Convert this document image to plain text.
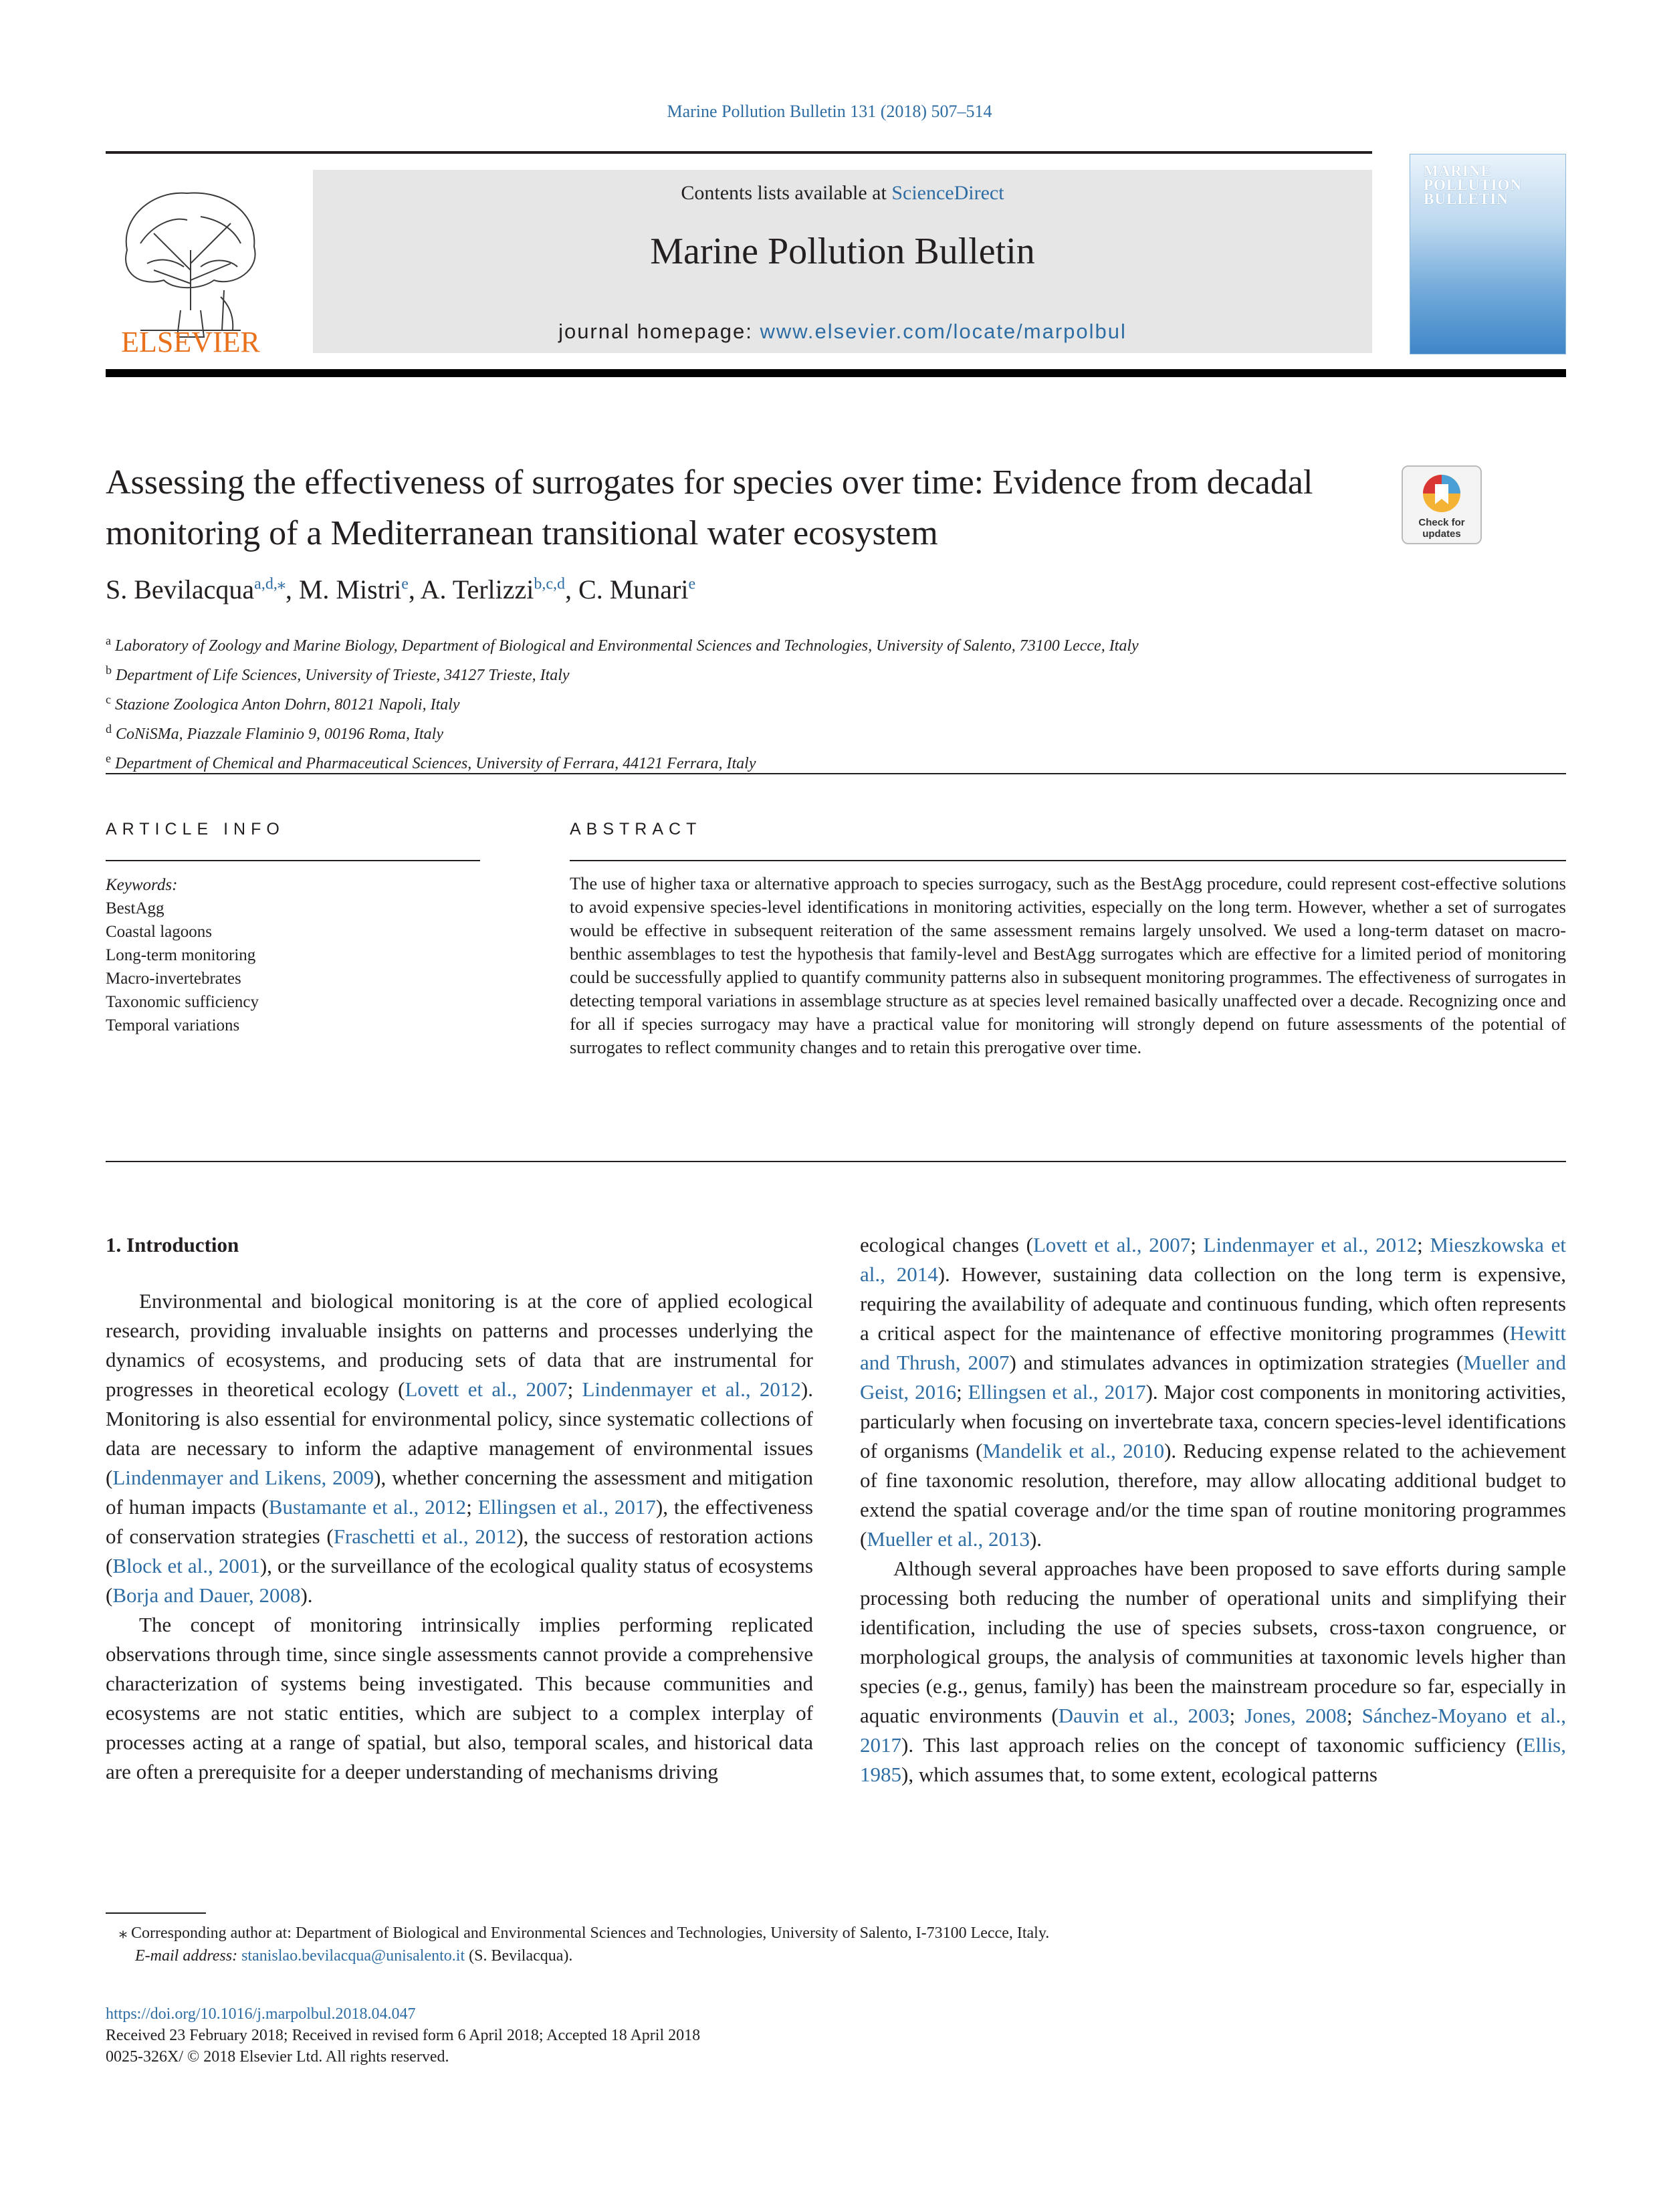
Marine Pollution Bulletin 131 (2018) 507–514
ELSEVIER
Contents lists available at ScienceDirect
Marine Pollution Bulletin
journal homepage: www.elsevier.com/locate/marpolbul
MARINE
POLLUTION
BULLETIN
Assessing the effectiveness of surrogates for species over time: Evidence from decadal monitoring of a Mediterranean transitional water ecosystem	Check for
updates
S. Bevilacqua$^{a,d,⁎}$, M. Mistri$^e$, A. Terlizzi$^{b,c,d}$, C. Munari$^e$
$^a$ Laboratory of Zoology and Marine Biology, Department of Biological and Environmental Sciences and Technologies, University of Salento, 73100 Lecce, Italy
$^b$ Department of Life Sciences, University of Trieste, 34127 Trieste, Italy
$^c$ Stazione Zoologica Anton Dohrn, 80121 Napoli, Italy
$^d$ CoNiSMa, Piazzale Flaminio 9, 00196 Roma, Italy
$^e$ Department of Chemical and Pharmaceutical Sciences, University of Ferrara, 44121 Ferrara, Italy
ARTICLE INFO	ABSTRACT
Keywords:
BestAgg
Coastal lagoons
Long-term monitoring
Macro-invertebrates
Taxonomic sufficiency
Temporal variations
The use of higher taxa or alternative approach to species surrogacy, such as the BestAgg procedure, could represent cost-effective solutions to avoid expensive species-level identifications in monitoring activities, especially on the long term. However, whether a set of surrogates would be effective in subsequent reiteration of the same assessment remains largely unsolved. We used a long-term dataset on macro-benthic assemblages to test the hypothesis that family-level and BestAgg surrogates which are effective for a limited period of monitoring could be successfully applied to quantify community patterns also in subsequent monitoring programmes. The effectiveness of surrogates in detecting temporal variations in assemblage structure as at species level remained basically unaffected over a decade. Recognizing once and for all if species surrogacy may have a practical value for monitoring will strongly depend on future assessments of the potential of surrogates to reflect community changes and to retain this prerogative over time.
1. Introduction

Environmental and biological monitoring is at the core of applied ecological research, providing invaluable insights on patterns and processes underlying the dynamics of ecosystems, and producing sets of data that are instrumental for progresses in theoretical ecology (Lovett et al., 2007; Lindenmayer et al., 2012). Monitoring is also essential for environmental policy, since systematic collections of data are necessary to inform the adaptive management of environmental issues (Lindenmayer and Likens, 2009), whether concerning the assessment and mitigation of human impacts (Bustamante et al., 2012; Ellingsen et al., 2017), the effectiveness of conservation strategies (Fraschetti et al., 2012), the success of restoration actions (Block et al., 2001), or the surveillance of the ecological quality status of ecosystems (Borja and Dauer, 2008).

The concept of monitoring intrinsically implies performing replicated observations through time, since single assessments cannot provide a comprehensive characterization of systems being investigated. This because communities and ecosystems are not static entities, which are subject to a complex interplay of processes acting at a range of spatial, but also, temporal scales, and historical data are often a prerequisite for a deeper understanding of mechanisms driving

ecological changes (Lovett et al., 2007; Lindenmayer et al., 2012; Mieszkowska et al., 2014). However, sustaining data collection on the long term is expensive, requiring the availability of adequate and continuous funding, which often represents a critical aspect for the maintenance of effective monitoring programmes (Hewitt and Thrush, 2007) and stimulates advances in optimization strategies (Mueller and Geist, 2016; Ellingsen et al., 2017). Major cost components in monitoring activities, particularly when focusing on invertebrate taxa, concern species-level identifications of organisms (Mandelik et al., 2010). Reducing expense related to the achievement of fine taxonomic resolution, therefore, may allow allocating additional budget to extend the spatial coverage and/or the time span of routine monitoring programmes (Mueller et al., 2013).

Although several approaches have been proposed to save efforts during sample processing both reducing the number of operational units and simplifying their identification, including the use of species subsets, cross-taxon congruence, or morphological groups, the analysis of communities at taxonomic levels higher than species (e.g., genus, family) has been the mainstream procedure so far, especially in aquatic environments (Dauvin et al., 2003; Jones, 2008; Sánchez-Moyano et al., 2017). This last approach relies on the concept of taxonomic sufficiency (Ellis, 1985), which assumes that, to some extent, ecological patterns

⁎ Corresponding author at: Department of Biological and Environmental Sciences and Technologies, University of Salento, I-73100 Lecce, Italy.
E-mail address: stanislao.bevilacqua@unisalento.it (S. Bevilacqua).
https://doi.org/10.1016/j.marpolbul.2018.04.047
Received 23 February 2018; Received in revised form 6 April 2018; Accepted 18 April 2018
0025-326X/ © 2018 Elsevier Ltd. All rights reserved.
